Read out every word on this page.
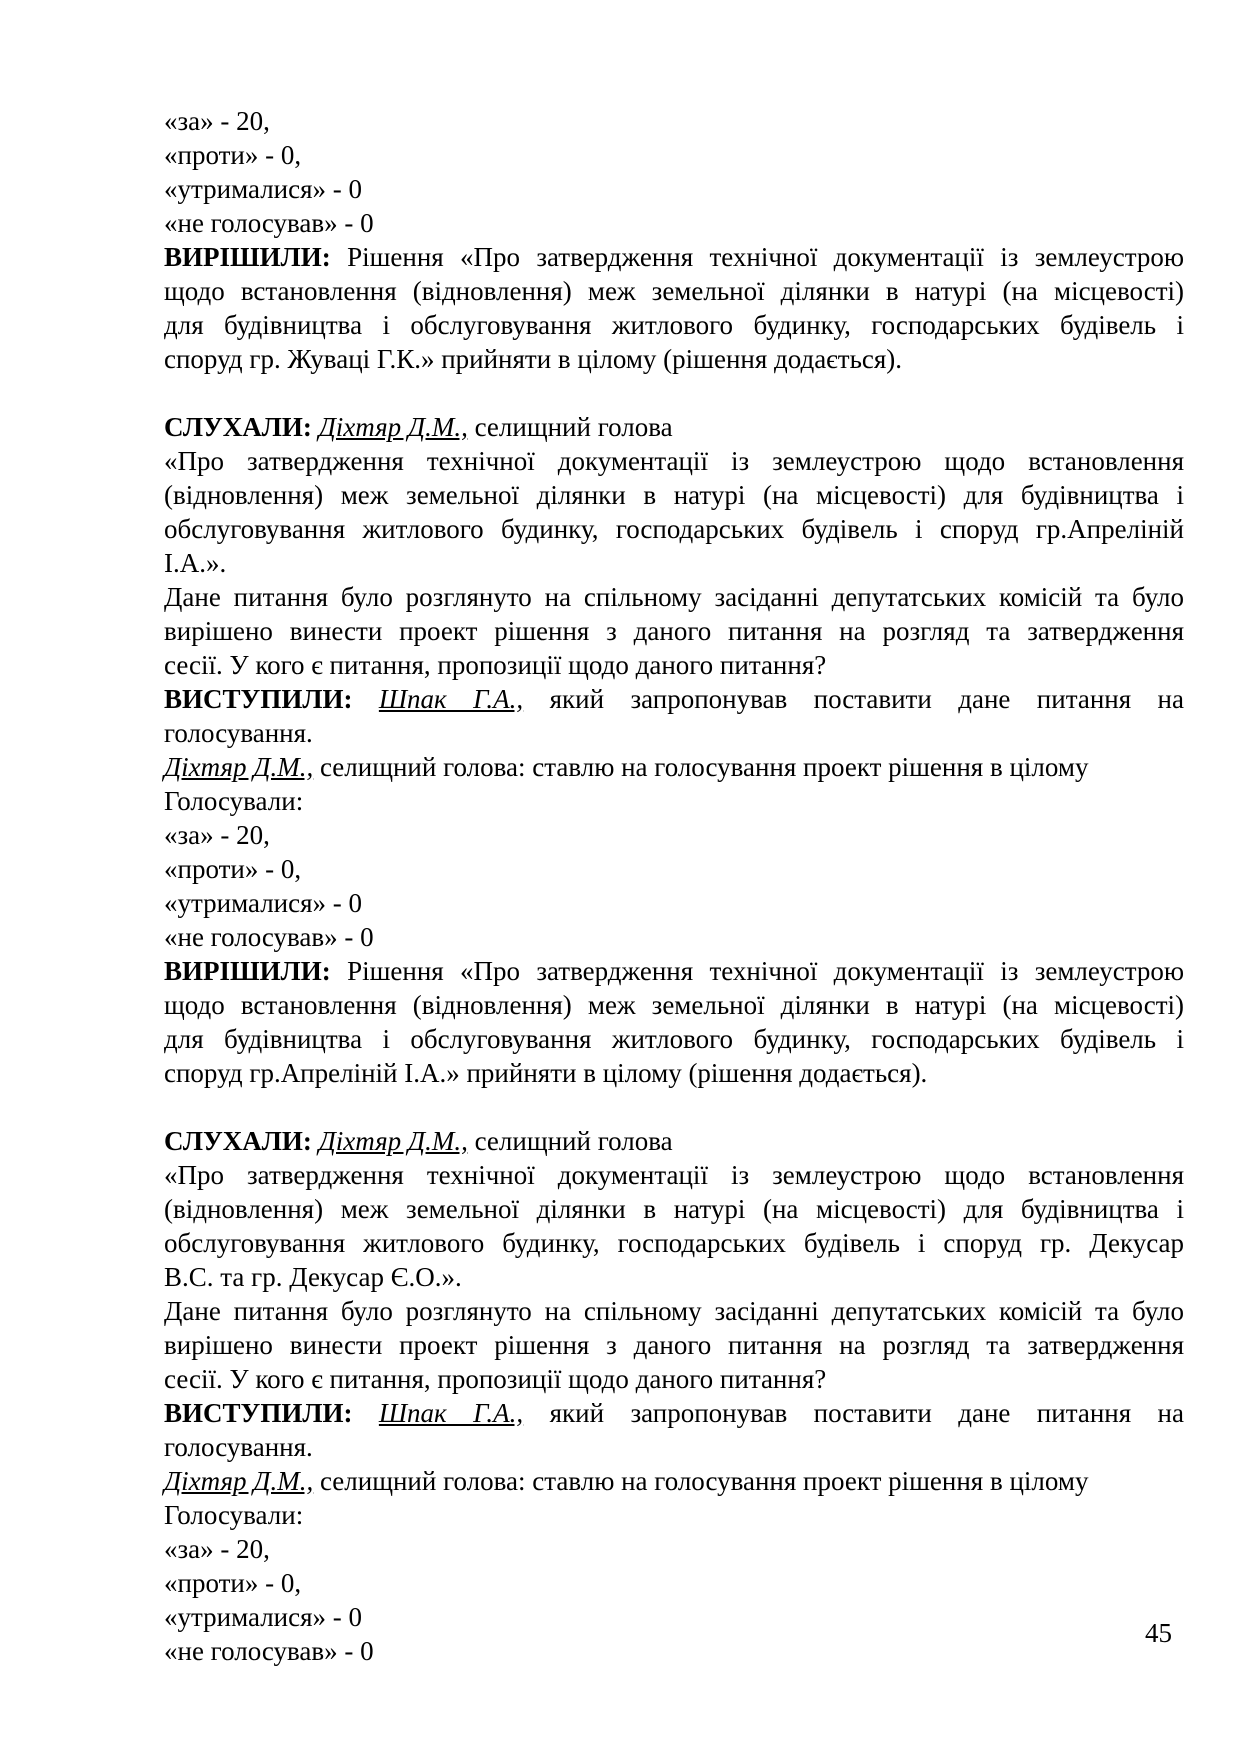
«за» - 20,
«проти» - 0,
«утрималися» - 0
«не голосував» - 0
ВИРІШИЛИ: Рішення «Про затвердження технічної документації із землеустрою
щодо встановлення (відновлення) меж земельної ділянки в натурі (на місцевості)
для будівництва і обслуговування житлового будинку, господарських будівель і
споруд гр. Жуваці Г.К.» прийняти в цілому (рішення додається).
СЛУХАЛИ: Діхтяр Д.М., селищний голова
«Про затвердження технічної документації із землеустрою щодо встановлення
(відновлення) меж земельної ділянки в натурі (на місцевості) для будівництва і
обслуговування житлового будинку, господарських будівель і споруд гр.Апреліній
І.А.».
Дане питання було розглянуто на спільному засіданні депутатських комісій та було
вирішено винести проект рішення з даного питання на розгляд та затвердження
сесії. У кого є питання, пропозиції щодо даного питання?
ВИСТУПИЛИ: Шпак Г.А., який запропонував поставити дане питання на
голосування.
Діхтяр Д.М., селищний голова: ставлю на голосування проект рішення в цілому
Голосували:
«за» - 20,
«проти» - 0,
«утрималися» - 0
«не голосував» - 0
ВИРІШИЛИ: Рішення «Про затвердження технічної документації із землеустрою
щодо встановлення (відновлення) меж земельної ділянки в натурі (на місцевості)
для будівництва і обслуговування житлового будинку, господарських будівель і
споруд гр.Апреліній І.А.» прийняти в цілому (рішення додається).
СЛУХАЛИ: Діхтяр Д.М., селищний голова
«Про затвердження технічної документації із землеустрою щодо встановлення
(відновлення) меж земельної ділянки в натурі (на місцевості) для будівництва і
обслуговування житлового будинку, господарських будівель і споруд гр. Декусар
В.С. та гр. Декусар Є.О.».
Дане питання було розглянуто на спільному засіданні депутатських комісій та було
вирішено винести проект рішення з даного питання на розгляд та затвердження
сесії. У кого є питання, пропозиції щодо даного питання?
ВИСТУПИЛИ: Шпак Г.А., який запропонував поставити дане питання на
голосування.
Діхтяр Д.М., селищний голова: ставлю на голосування проект рішення в цілому
Голосували:
«за» - 20,
«проти» - 0,
«утрималися» - 0
«не голосував» - 0
45
